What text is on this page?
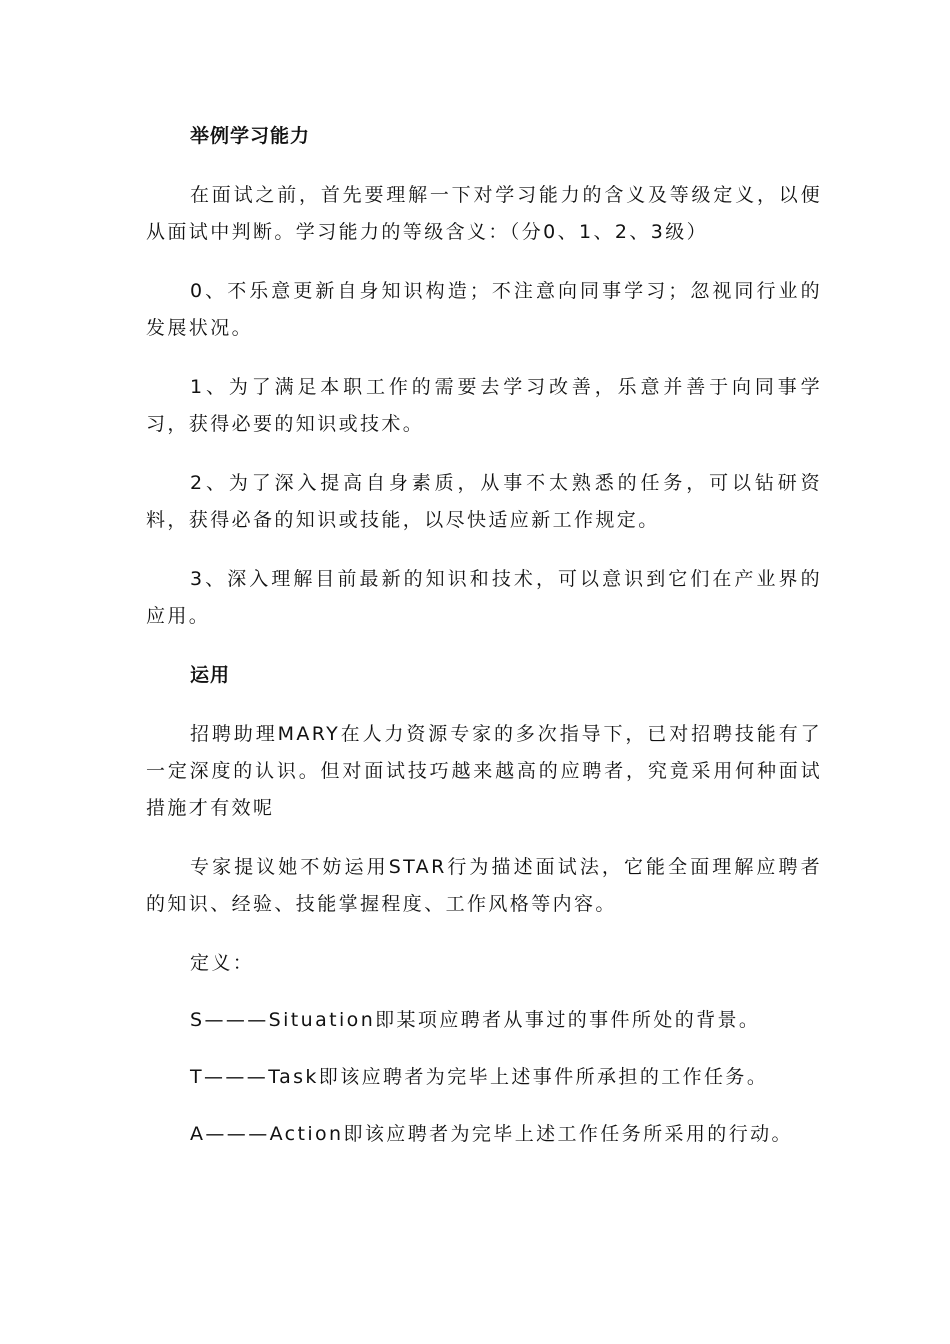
举例学习能力
在面试之前，首先要理解一下对学习能力的含义及等级定义，以便从面试中判断。学习能力的等级含义：（分0、1、2、3级）
0、不乐意更新自身知识构造；不注意向同事学习；忽视同行业的发展状况。
1、为了满足本职工作的需要去学习改善，乐意并善于向同事学习，获得必要的知识或技术。
2、为了深入提高自身素质，从事不太熟悉的任务，可以钻研资料，获得必备的知识或技能，以尽快适应新工作规定。
3、深入理解目前最新的知识和技术，可以意识到它们在产业界的应用。
运用
招聘助理MARY在人力资源专家的多次指导下，已对招聘技能有了一定深度的认识。但对面试技巧越来越高的应聘者，究竟采用何种面试措施才有效呢
专家提议她不妨运用STAR行为描述面试法，它能全面理解应聘者的知识、经验、技能掌握程度、工作风格等内容。
定义：
S———Situation即某项应聘者从事过的事件所处的背景。
T———Task即该应聘者为完毕上述事件所承担的工作任务。
A———Action即该应聘者为完毕上述工作任务所采用的行动。
